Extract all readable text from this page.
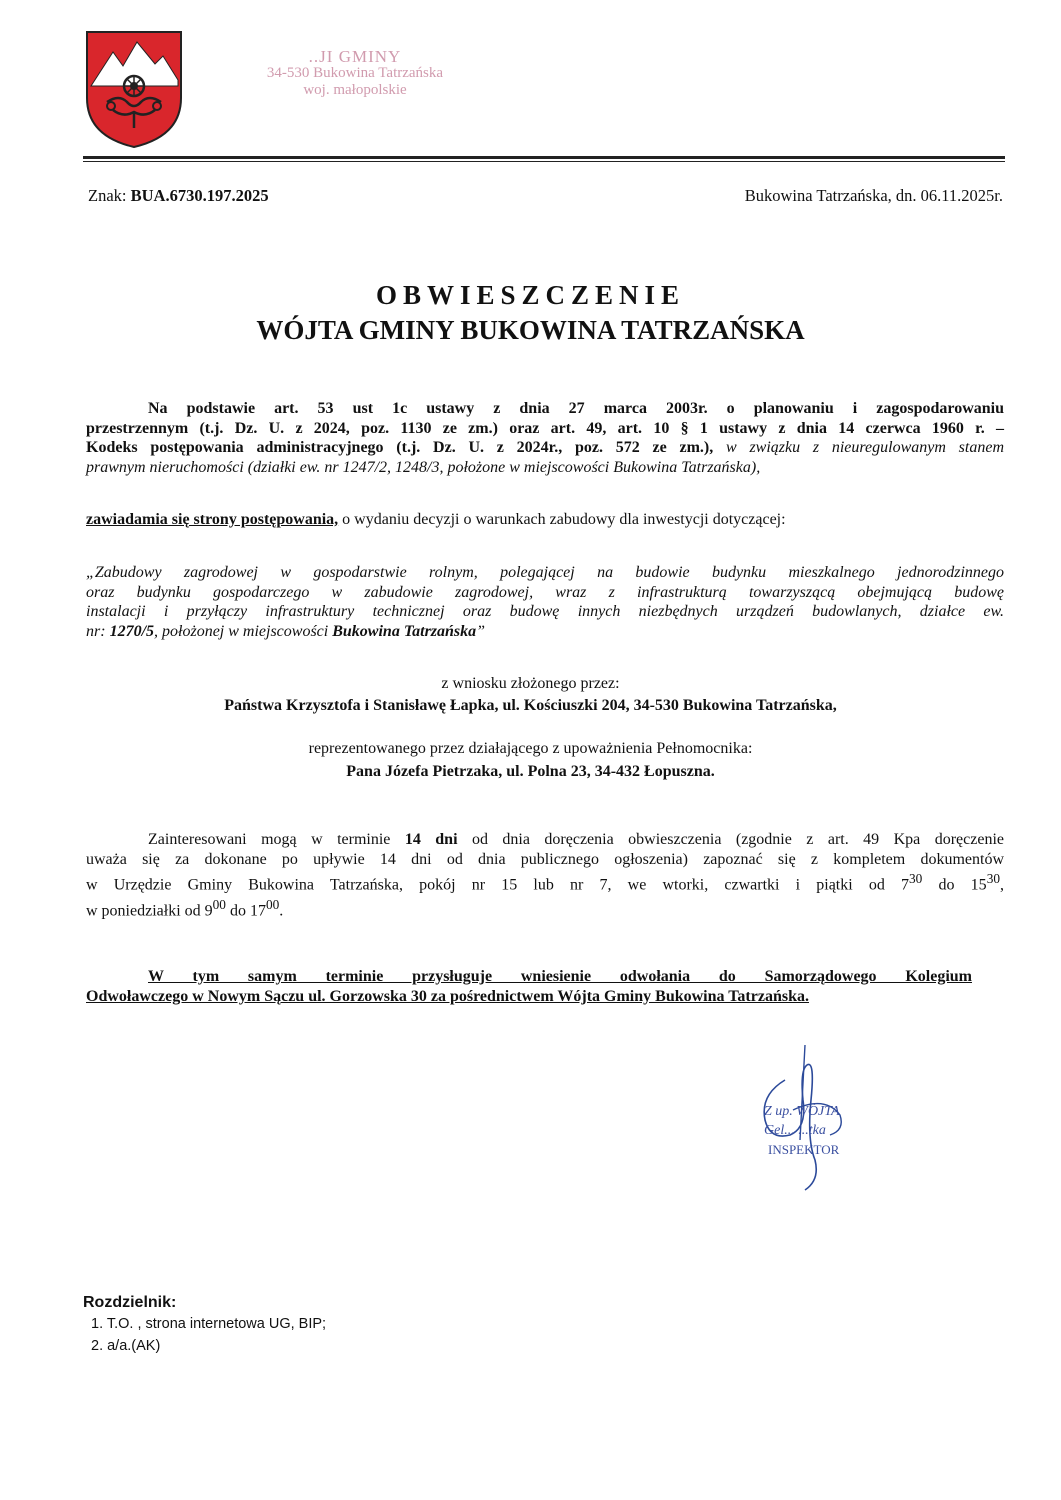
..JI GMINY
34-530 Bukowina Tatrzańska
woj. małopolskie
Znak: BUA.6730.197.2025	Bukowina Tatrzańska, dn. 06.11.2025r.
OBWIESZCZENIE
WÓJTA GMINY BUKOWINA TATRZAŃSKA
Na podstawie art. 53 ust 1c ustawy z dnia 27 marca 2003r. o planowaniu i zagospodarowaniu
przestrzennym (t.j. Dz. U. z 2024, poz. 1130 ze zm.) oraz art. 49, art. 10 § 1 ustawy z dnia 14 czerwca 1960 r. –
Kodeks postępowania administracyjnego (t.j. Dz. U. z 2024r., poz. 572 ze zm.), w związku z nieuregulowanym stanem
prawnym nieruchomości (działki ew. nr 1247/2, 1248/3, położone w miejscowości Bukowina Tatrzańska),
zawiadamia się strony postępowania, o wydaniu decyzji o warunkach zabudowy dla inwestycji dotyczącej:
„Zabudowy zagrodowej w gospodarstwie rolnym, polegającej na budowie budynku mieszkalnego jednorodzinnego
oraz budynku gospodarczego w zabudowie zagrodowej, wraz z infrastrukturą towarzyszącą obejmującą budowę
instalacji i przyłączy infrastruktury technicznej oraz budowę innych niezbędnych urządzeń budowlanych, działce ew.
nr: 1270/5, położonej w miejscowości Bukowina Tatrzańska”
z wniosku złożonego przez:
Państwa Krzysztofa i Stanisławę Łapka, ul. Kościuszki 204, 34-530 Bukowina Tatrzańska,
reprezentowanego przez działającego z upoważnienia Pełnomocnika:
Pana Józefa Pietrzaka, ul. Polna 23, 34-432 Łopuszna.
Zainteresowani mogą w terminie 14 dni od dnia doręczenia obwieszczenia (zgodnie z art. 49 Kpa doręczenie
uważa się za dokonane po upływie 14 dni od dnia publicznego ogłoszenia) zapoznać się z kompletem dokumentów
w Urzędzie Gminy Bukowina Tatrzańska, pokój nr 15 lub nr 7, we wtorki, czwartki i piątki od $7^{30}$ do $15^{30}$,
w poniedziałki od $9^{00}$ do $17^{00}$.
W tym samym terminie przysługuje wniesienie odwołania do Samorządowego Kolegium
Odwoławczego w Nowym Sączu ul. Gorzowska 30 za pośrednictwem Wójta Gminy Bukowina Tatrzańska.
Z up. WÓJTA
Gel... ...tka
INSPEKTOR
Rozdzielnik:
1. T.O. , strona internetowa UG, BIP;
2. a/a.(AK)
